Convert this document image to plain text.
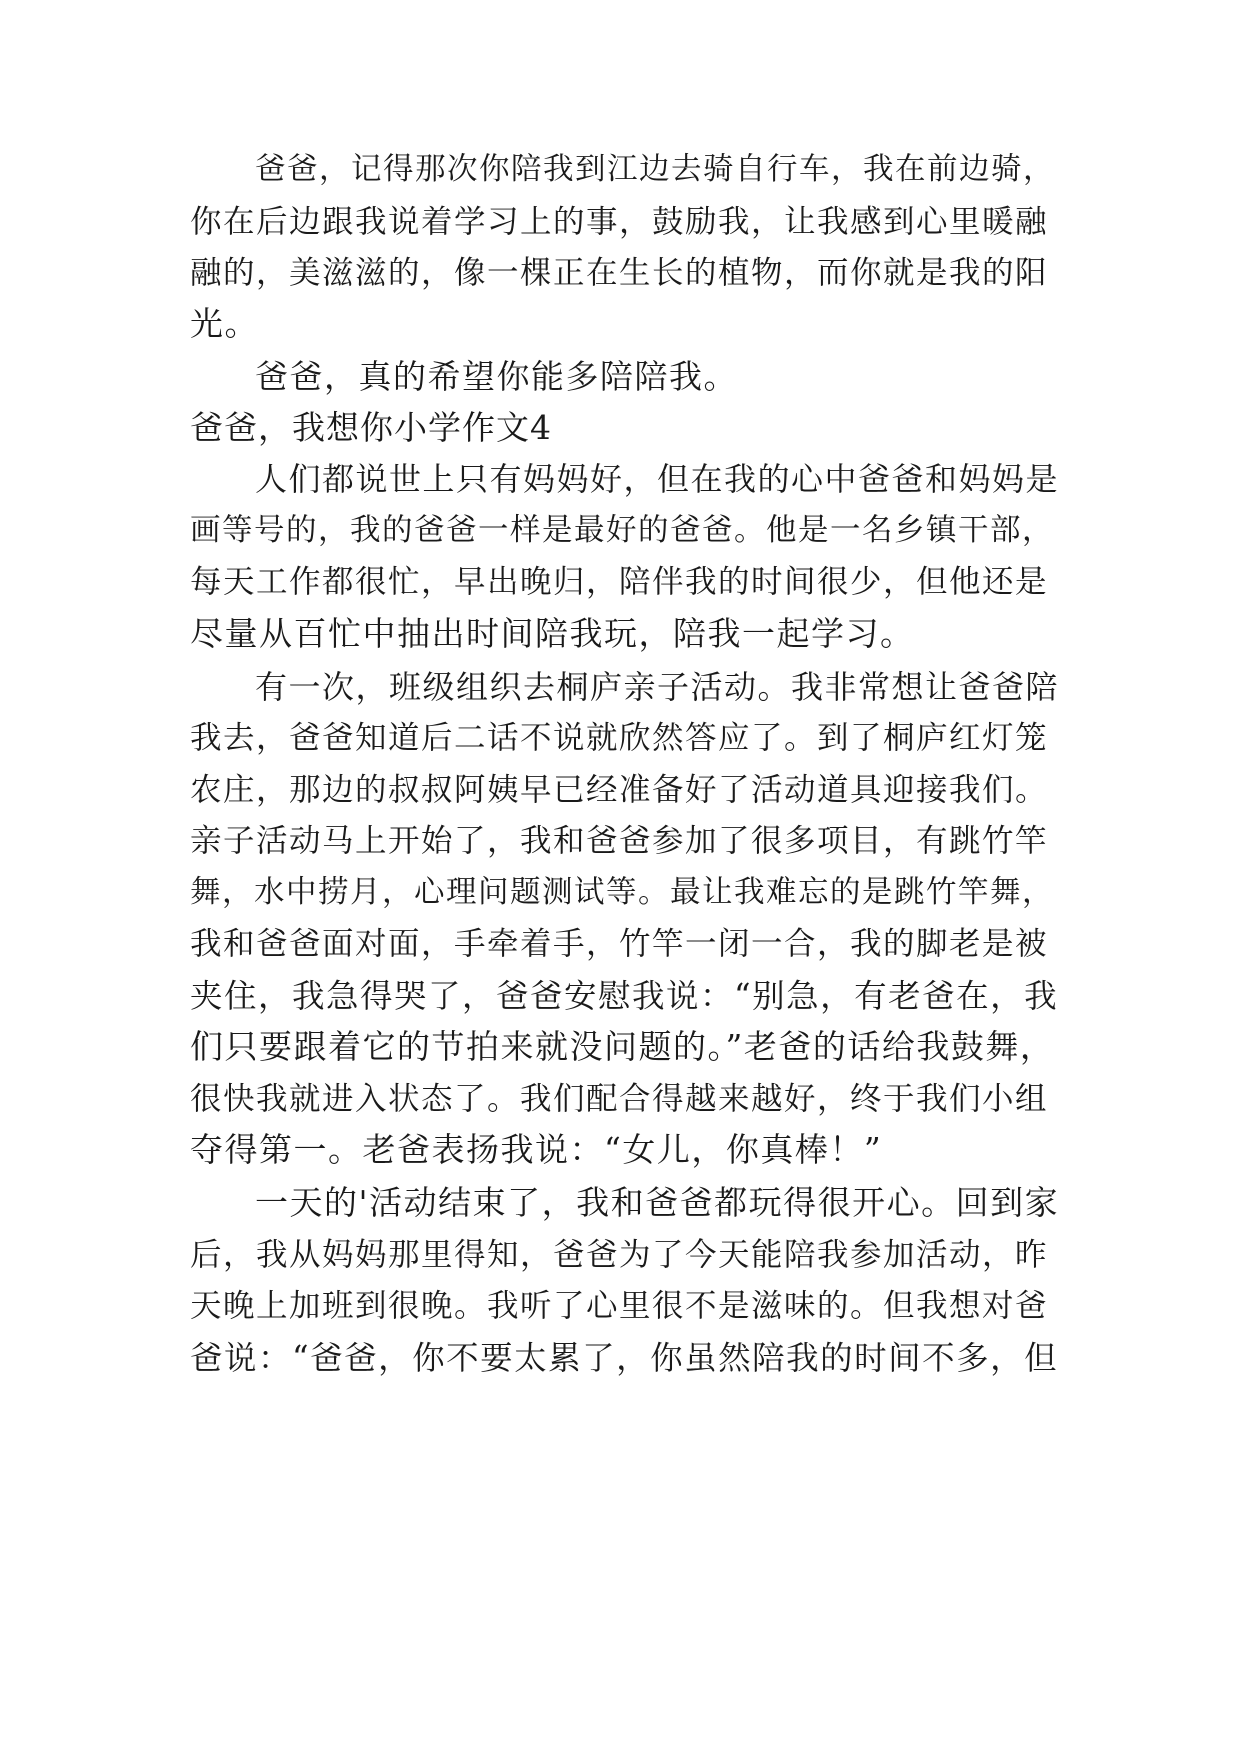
爸爸，记得那次你陪我到江边去骑自行车，我在前边骑，
你在后边跟我说着学习上的事，鼓励我，让我感到心里暖融
融的，美滋滋的，像一棵正在生长的植物，而你就是我的阳
光。
爸爸，真的希望你能多陪陪我。
爸爸，我想你小学作文4
人们都说世上只有妈妈好，但在我的心中爸爸和妈妈是
画等号的，我的爸爸一样是最好的爸爸。他是一名乡镇干部，
每天工作都很忙，早出晚归，陪伴我的时间很少，但他还是
尽量从百忙中抽出时间陪我玩，陪我一起学习。
有一次，班级组织去桐庐亲子活动。我非常想让爸爸陪
我去，爸爸知道后二话不说就欣然答应了。到了桐庐红灯笼
农庄，那边的叔叔阿姨早已经准备好了活动道具迎接我们。
亲子活动马上开始了，我和爸爸参加了很多项目，有跳竹竿
舞，水中捞月，心理问题测试等。最让我难忘的是跳竹竿舞，
我和爸爸面对面，手牵着手，竹竿一闭一合，我的脚老是被
夹住，我急得哭了，爸爸安慰我说：“别急，有老爸在，我
们只要跟着它的节拍来就没问题的。”老爸的话给我鼓舞，
很快我就进入状态了。我们配合得越来越好，终于我们小组
夺得第一。老爸表扬我说：“女儿，你真棒！”
一天的'活动结束了，我和爸爸都玩得很开心。回到家
后，我从妈妈那里得知，爸爸为了今天能陪我参加活动，昨
天晚上加班到很晚。我听了心里很不是滋味的。但我想对爸
爸说：“爸爸，你不要太累了，你虽然陪我的时间不多，但
